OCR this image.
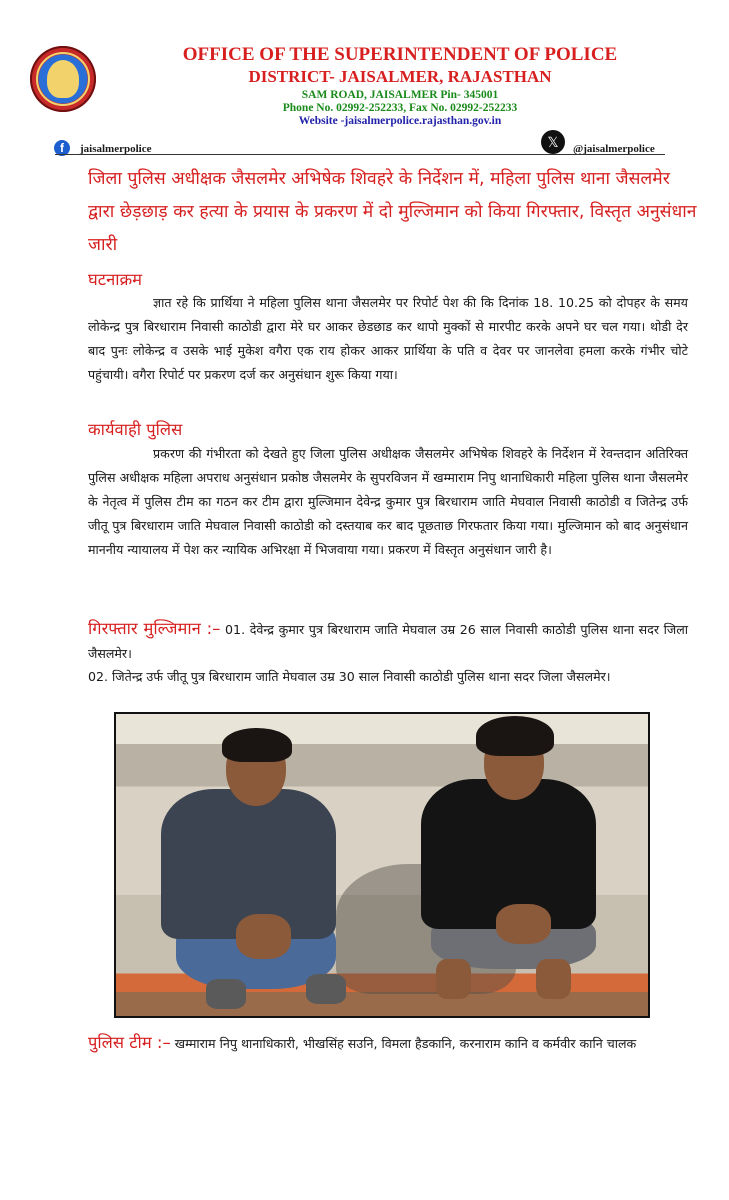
OFFICE OF THE SUPERINTENDENT OF POLICE
DISTRICT- JAISALMER, RAJASTHAN
SAM ROAD, JAISALMER Pin- 345001
Phone No. 02992-252233, Fax No. 02992-252233
Website -jaisalmerpolice.rajasthan.gov.in
f	jaisalmerpolice	𝕏	@jaisalmerpolice
जिला पुलिस अधीक्षक जैसलमेर अभिषेक शिवहरे के निर्देशन में, महिला पुलिस थाना जैसलमेर द्वारा छेड़छाड़ कर हत्या के प्रयास के प्रकरण में दो मुल्जिमान को किया गिरफ्तार, विस्तृत अनुसंधान जारी
घटनाक्रम
ज्ञात रहे कि प्रार्थिया ने महिला पुलिस थाना जैसलमेर पर रिपोर्ट पेश की कि दिनांक 18. 10.25 को दोपहर के समय लोकेन्द्र पुत्र बिरधाराम निवासी काठोडी द्वारा मेरे घर आकर छेडछाड कर थापो मुक्कों से मारपीट करके अपने घर चल गया। थोडी देर बाद पुनः लोकेन्द्र व उसके भाई मुकेश वगैरा एक राय होकर आकर प्रार्थिया के पति व देवर पर जानलेवा हमला करके गंभीर चोटे पहुंचायी। वगैरा रिपोर्ट पर प्रकरण दर्ज कर अनुसंधान शुरू किया गया।
कार्यवाही पुलिस
प्रकरण की गंभीरता को देखते हुए जिला पुलिस अधीक्षक जैसलमेर अभिषेक शिवहरे के निर्देशन में रेवन्तदान अतिरिक्त पुलिस अधीक्षक महिला अपराध अनुसंधान प्रकोष्ठ जैसलमेर के सुपरविजन में खम्माराम निपु थानाधिकारी महिला पुलिस थाना जैसलमेर के नेतृत्व में पुलिस टीम का गठन कर टीम द्वारा मुल्जिमान देवेन्द्र कुमार पुत्र बिरधाराम जाति मेघवाल निवासी काठोडी व जितेन्द्र उर्फ जीतू पुत्र बिरधाराम जाति मेघवाल निवासी काठोडी को दस्तयाब कर बाद पूछताछ गिरफतार किया गया। मुल्जिमान को बाद अनुसंधान माननीय न्यायालय में पेश कर न्यायिक अभिरक्षा में भिजवाया गया। प्रकरण में विस्तृत अनुसंधान जारी है।
गिरफ्तार मुल्जिमान :– 01. देवेन्द्र कुमार पुत्र बिरधाराम जाति मेघवाल उम्र 26 साल निवासी काठोडी पुलिस थाना सदर जिला जैसलमेर।
02. जितेन्द्र उर्फ जीतू पुत्र बिरधाराम जाति मेघवाल उम्र 30 साल निवासी काठोडी पुलिस थाना सदर जिला जैसलमेर।
पुलिस टीम :– खम्माराम निपु थानाधिकारी, भीखसिंह सउनि, विमला हैडकानि, करनाराम कानि व कर्मवीर कानि चालक
